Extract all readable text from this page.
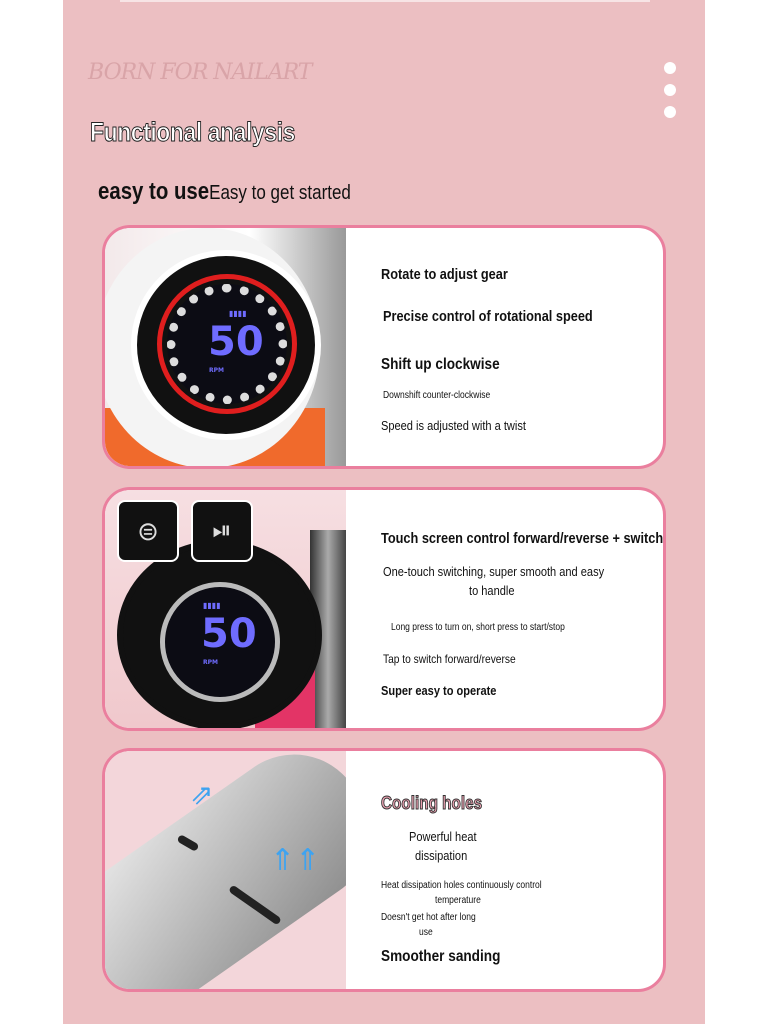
BORN FOR NAILART
Functional analysis
easy to useEasy to get started
▮▮▮▮
50
RPM
Rotate to adjust gear
Precise control of rotational speed
Shift up clockwise
Downshift counter-clockwise
Speed is adjusted with a twist
⊜	⏯
▮▮▮▮
50
RPM
Touch screen control forward/reverse + switch
One-touch switching, super smooth and easy
to handle
Long press to turn on, short press to start/stop
Tap to switch forward/reverse
Super easy to operate
⇗
⇑⇑
Cooling holes
Powerful heat
dissipation
Heat dissipation holes continuously control
temperature
Doesn't get hot after long
use
Smoother sanding
